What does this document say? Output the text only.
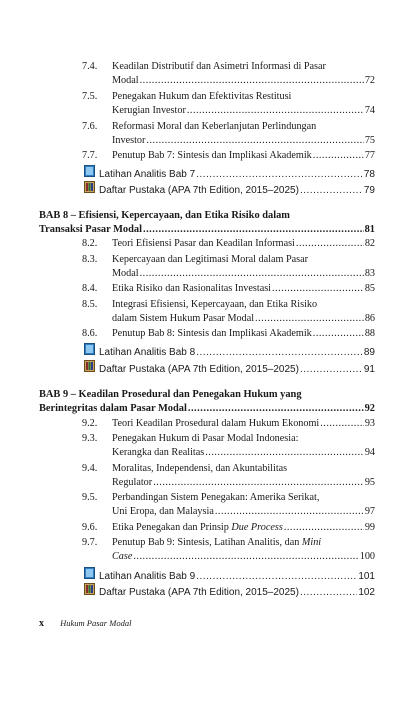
7.4.	Keadilan Distributif dan Asimetri Informasi di Pasar
Modal .....	72
7.5.	Penegakan Hukum dan Efektivitas Restitusi
Kerugian Investor .....	74
7.6.	Reformasi Moral dan Keberlanjutan Perlindungan
Investor .....	75
7.7.	Penutup Bab 7: Sintesis dan Implikasi Akademik .....	77
Latihan Analitis Bab 7 .....	78
Daftar Pustaka (APA 7th Edition, 2015–2025) .....	79
BAB 8 – Efisiensi, Kepercayaan, dan Etika Risiko dalam
Transaksi Pasar Modal .....	81
8.2.	Teori Efisiensi Pasar dan Keadilan Informasi .....	82
8.3.	Kepercayaan dan Legitimasi Moral dalam Pasar
Modal .....	83
8.4.	Etika Risiko dan Rasionalitas Investasi .....	85
8.5.	Integrasi Efisiensi, Kepercayaan, dan Etika Risiko
dalam Sistem Hukum Pasar Modal .....	86
8.6.	Penutup Bab 8: Sintesis dan Implikasi Akademik .....	88
Latihan Analitis Bab 8 .....	89
Daftar Pustaka (APA 7th Edition, 2015–2025) .....	91
BAB 9 – Keadilan Prosedural dan Penegakan Hukum yang
Berintegritas dalam Pasar Modal .....	92
9.2.	Teori Keadilan Prosedural dalam Hukum Ekonomi .....	93
9.3.	Penegakan Hukum di Pasar Modal Indonesia:
Kerangka dan Realitas .....	94
9.4.	Moralitas, Independensi, dan Akuntabilitas
Regulator .....	95
9.5.	Perbandingan Sistem Penegakan: Amerika Serikat,
Uni Eropa, dan Malaysia .....	97
9.6.	Etika Penegakan dan Prinsip Due Process .....	99
9.7.	Penutup Bab 9: Sintesis, Latihan Analitis, dan Mini
Case .....	100
Latihan Analitis Bab 9 .....	101
Daftar Pustaka (APA 7th Edition, 2015–2025) .....	102
x Hukum Pasar Modal
